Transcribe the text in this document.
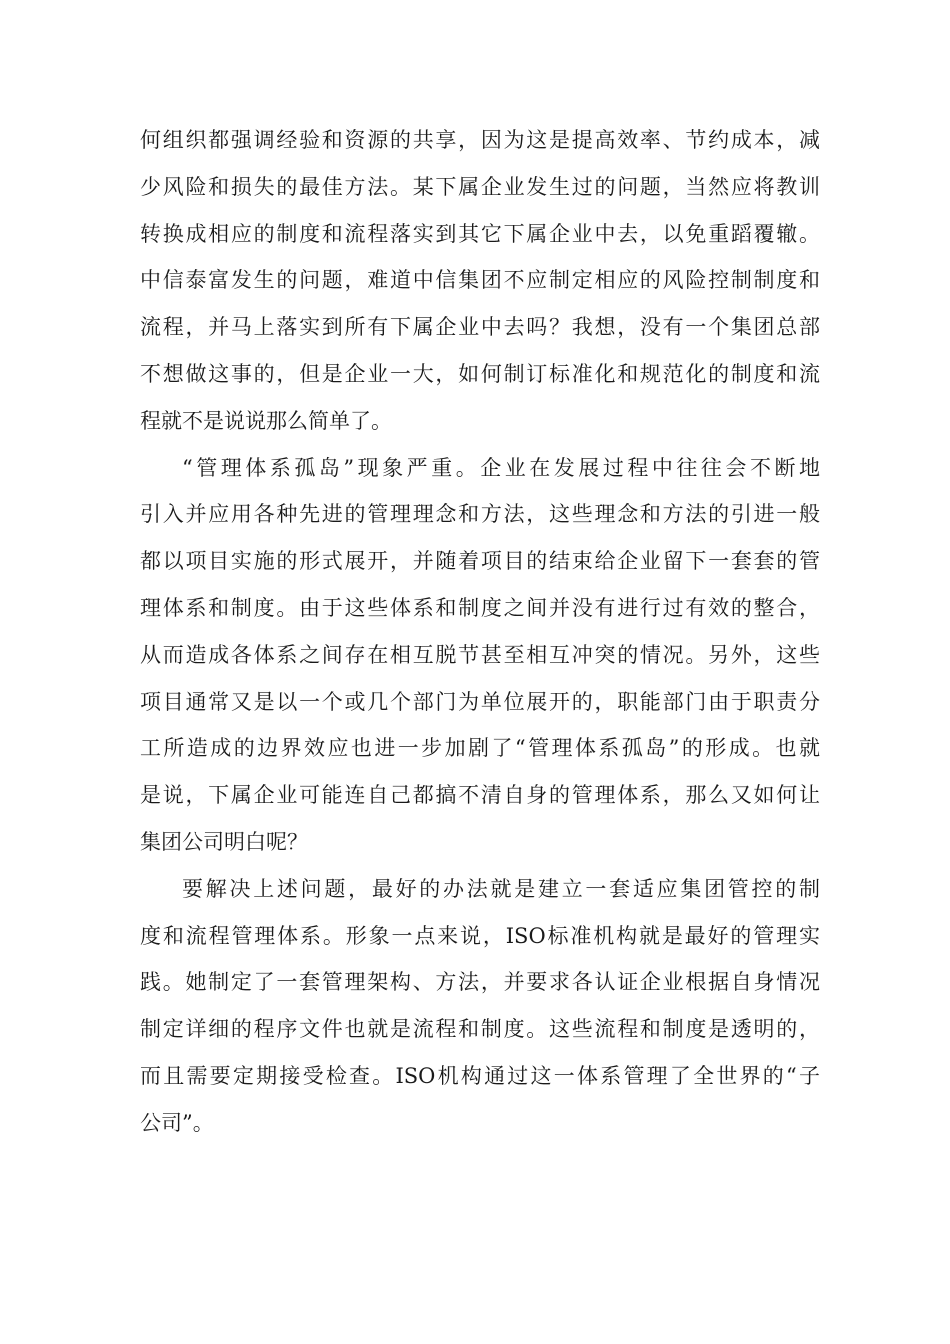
何组织都强调经验和资源的共享，因为这是提高效率、节约成本，减
少风险和损失的最佳方法。某下属企业发生过的问题，当然应将教训
转换成相应的制度和流程落实到其它下属企业中去，以免重蹈覆辙。
中信泰富发生的问题，难道中信集团不应制定相应的风险控制制度和
流程，并马上落实到所有下属企业中去吗？我想，没有一个集团总部
不想做这事的，但是企业一大，如何制订标准化和规范化的制度和流
程就不是说说那么简单了。
“管理体系孤岛”现象严重。企业在发展过程中往往会不断地
引入并应用各种先进的管理理念和方法，这些理念和方法的引进一般
都以项目实施的形式展开，并随着项目的结束给企业留下一套套的管
理体系和制度。由于这些体系和制度之间并没有进行过有效的整合，
从而造成各体系之间存在相互脱节甚至相互冲突的情况。另外，这些
项目通常又是以一个或几个部门为单位展开的，职能部门由于职责分
工所造成的边界效应也进一步加剧了“管理体系孤岛”的形成。也就
是说，下属企业可能连自己都搞不清自身的管理体系，那么又如何让
集团公司明白呢？
要解决上述问题，最好的办法就是建立一套适应集团管控的制
度和流程管理体系。形象一点来说，ISO标准机构就是最好的管理实
践。她制定了一套管理架构、方法，并要求各认证企业根据自身情况
制定详细的程序文件也就是流程和制度。这些流程和制度是透明的，
而且需要定期接受检查。ISO机构通过这一体系管理了全世界的“子
公司”。
